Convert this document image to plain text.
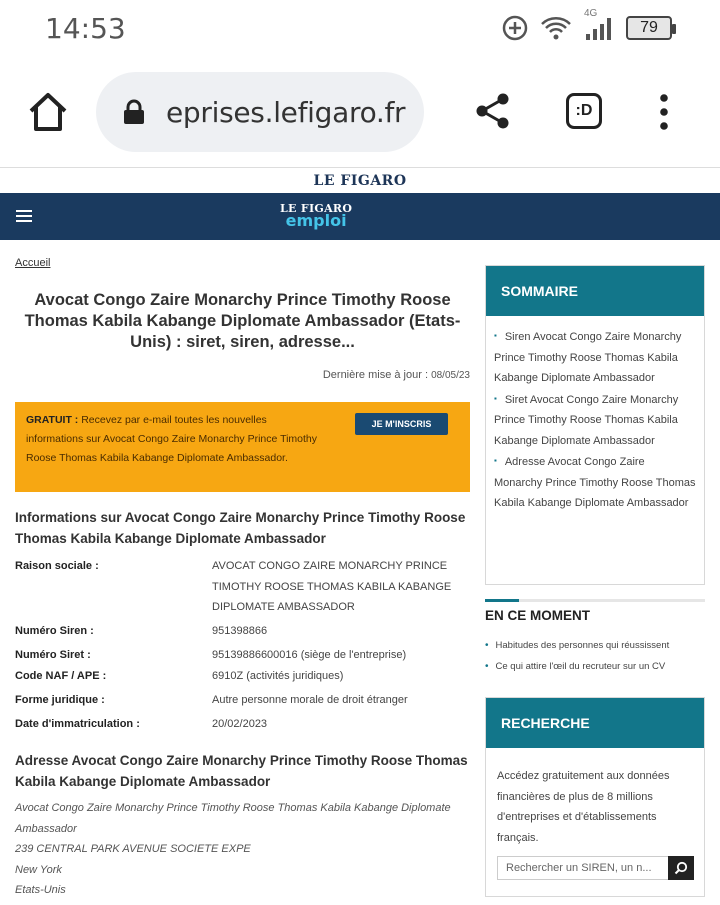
14:53	4G
79
eprises.lefigaro.fr	:D
LE FIGARO
LE FIGARO
emploi
Accueil
Avocat Congo Zaire Monarchy Prince Timothy Roose Thomas Kabila Kabange Diplomate Ambassador (Etats-Unis) : siret, siren, adresse...
Dernière mise à jour : 08/05/23
GRATUIT : Recevez par e-mail toutes les nouvelles informations sur Avocat Congo Zaire Monarchy Prince Timothy Roose Thomas Kabila Kabange Diplomate Ambassador.
JE M'INSCRIS
Informations sur Avocat Congo Zaire Monarchy Prince Timothy Roose Thomas Kabila Kabange Diplomate Ambassador
Raison sociale :	AVOCAT CONGO ZAIRE MONARCHY PRINCE TIMOTHY ROOSE THOMAS KABILA KABANGE DIPLOMATE AMBASSADOR
Numéro Siren :	951398866
Numéro Siret :	95139886600016 (siège de l'entreprise)
Code NAF / APE :	6910Z (activités juridiques)
Forme juridique :	Autre personne morale de droit étranger
Date d'immatriculation :	20/02/2023
Adresse Avocat Congo Zaire Monarchy Prince Timothy Roose Thomas Kabila Kabange Diplomate Ambassador
Avocat Congo Zaire Monarchy Prince Timothy Roose Thomas Kabila Kabange Diplomate Ambassador
239 CENTRAL PARK AVENUE SOCIETE EXPE
New York
Etats-Unis
SOMMAIRE
▪ Siren Avocat Congo Zaire Monarchy Prince Timothy Roose Thomas Kabila Kabange Diplomate Ambassador
▪ Siret Avocat Congo Zaire Monarchy Prince Timothy Roose Thomas Kabila Kabange Diplomate Ambassador
▪ Adresse Avocat Congo Zaire Monarchy Prince Timothy Roose Thomas Kabila Kabange Diplomate Ambassador
EN CE MOMENT
• Habitudes des personnes qui réussissent
• Ce qui attire l'œil du recruteur sur un CV
RECHERCHE
Accédez gratuitement aux données financières de plus de 8 millions d'entreprises et d'établissements français.
Rechercher un SIREN, un n...
